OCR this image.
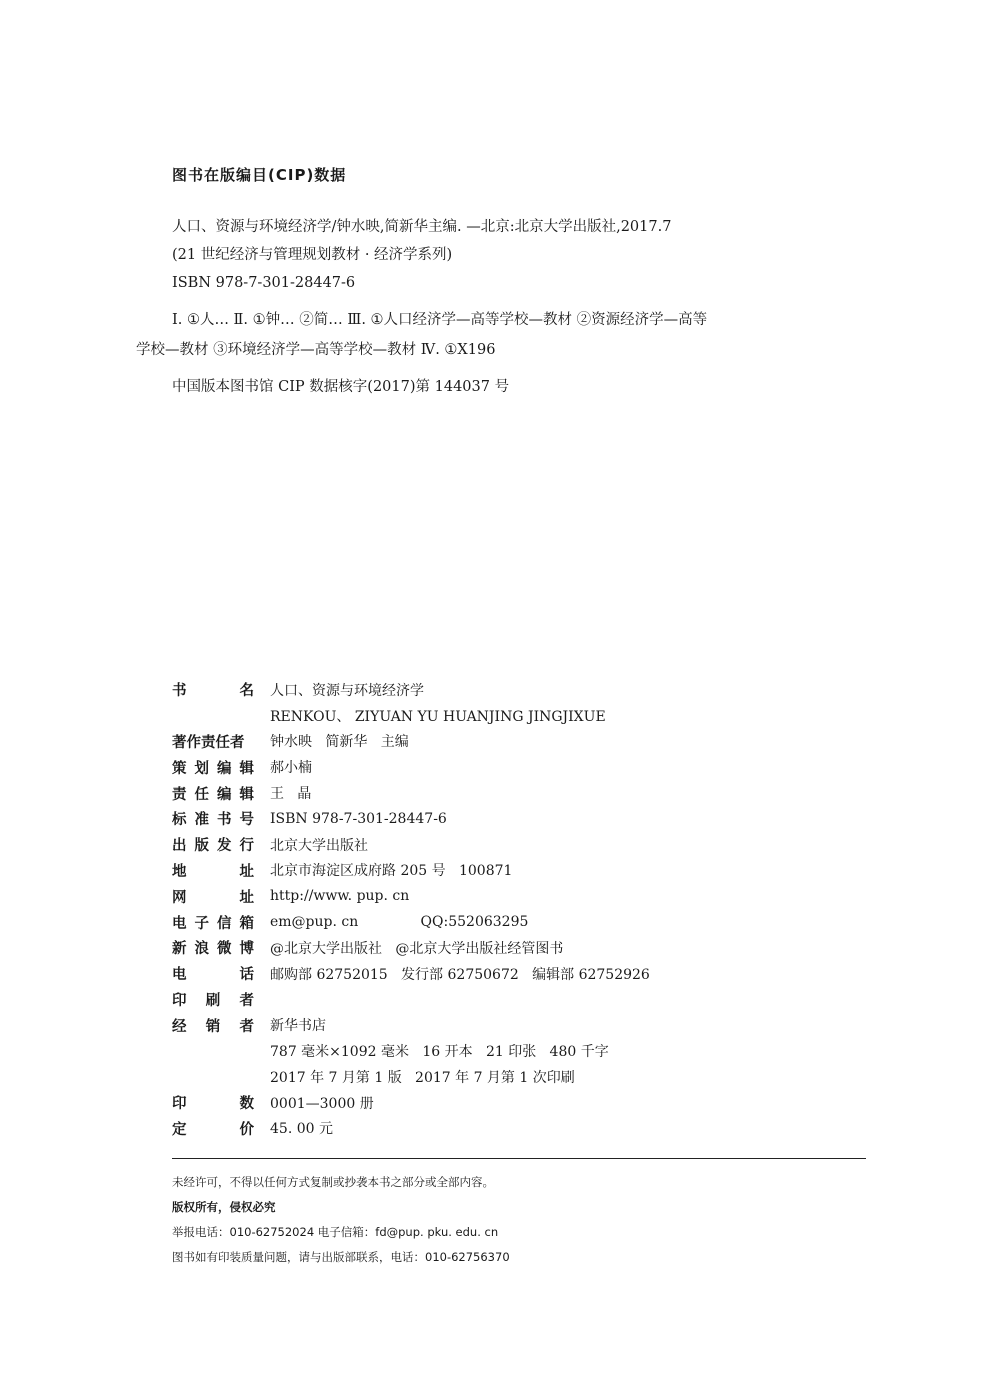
图书在版编目(CIP)数据

人口、资源与环境经济学/钟水映,简新华主编. —北京:北京大学出版社,2017.7

(21 世纪经济与管理规划教材 · 经济学系列)

ISBN 978-7-301-28447-6

Ⅰ. ①人… Ⅱ. ①钟… ②简… Ⅲ. ①人口经济学—高等学校—教材 ②资源经济学—高等
学校—教材 ③环境经济学—高等学校—教材 Ⅳ. ①X196

中国版本图书馆 CIP 数据核字(2017)第 144037 号

书	名 人口、资源与环境经济学
RENKOU、 ZIYUAN YU HUANJING JINGJIXUE
著作责任者 钟水映   简新华   主编
策 划 编 辑 郝小楠
责 任 编 辑 王   晶
标 准 书 号 ISBN 978-7-301-28447-6
出 版 发 行 北京大学出版社
地	址 北京市海淀区成府路 205 号   100871
网	址 http://www. pup. cn
电 子 信 箱 em@pup. cn              QQ:552063295
新 浪 微 博 @北京大学出版社   @北京大学出版社经管图书
电	话 邮购部 62752015   发行部 62750672   编辑部 62752926
印 刷 者
经 销 者 新华书店
787 毫米×1092 毫米   16 开本   21 印张   480 千字
2017 年 7 月第 1 版   2017 年 7 月第 1 次印刷
印	数 0001—3000 册
定	价 45. 00 元

未经许可，不得以任何方式复制或抄袭本书之部分或全部内容。

版权所有，侵权必究

举报电话：010-62752024 电子信箱：fd@pup. pku. edu. cn

图书如有印装质量问题，请与出版部联系，电话：010-62756370
